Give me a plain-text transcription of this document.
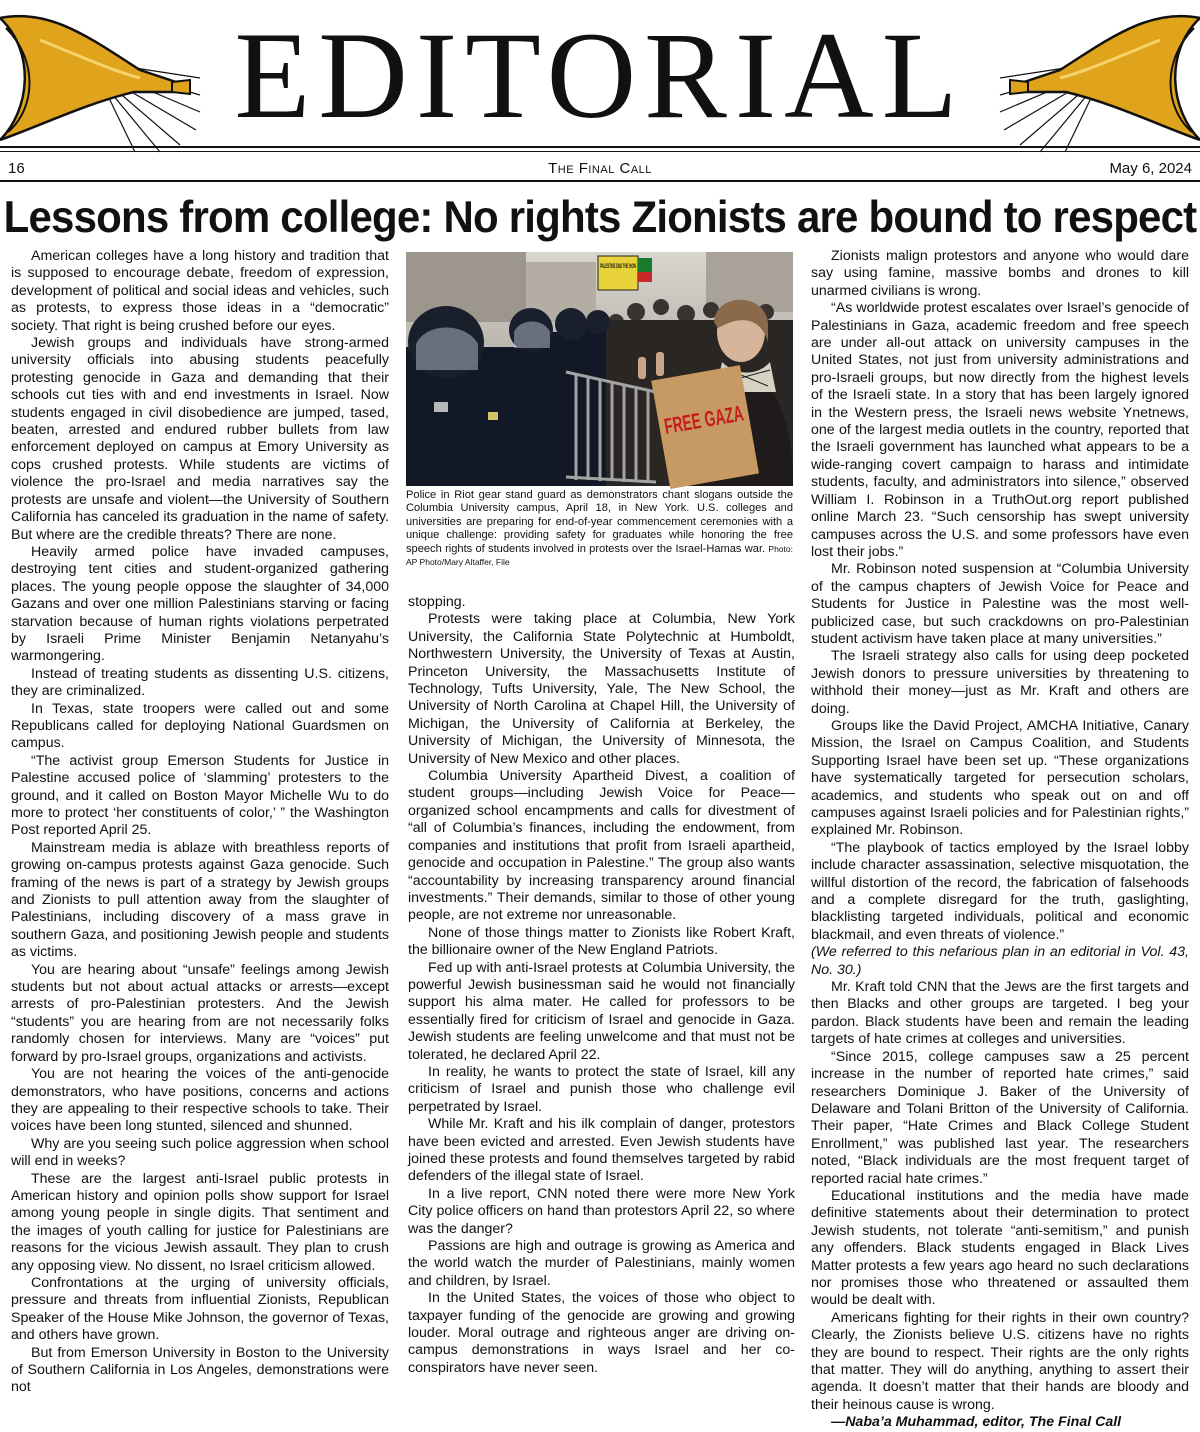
EDITORIAL
16	The Final Call	May 6, 2024
Lessons from college: No rights Zionists are bound to respect

American colleges have a long history and tradition that is supposed to encourage debate, freedom of expression, development of political and social ideas and vehicles, such as protests, to express those ideas in a “democratic” society. That right is being crushed before our eyes.

Jewish groups and individuals have strong-armed university officials into abusing students peacefully protesting genocide in Gaza and demanding that their schools cut ties with and end investments in Israel. Now students engaged in civil disobedience are jumped, tased, beaten, arrested and endured rubber bullets from law enforcement deployed on campus at Emory University as cops crushed protests. While students are victims of violence the pro-Israel and media narratives say the protests are unsafe and violent—the University of Southern California has canceled its graduation in the name of safety. But where are the credible threats? There are none.

Heavily armed police have invaded campuses, destroying tent cities and student-organized gathering places. The young people oppose the slaughter of 34,000 Gazans and over one million Palestinians starving or facing starvation because of human rights violations perpetrated by Israeli Prime Minister Benjamin Netanyahu’s warmongering.

Instead of treating students as dissenting U.S. citizens, they are criminalized.

In Texas, state troopers were called out and some Republicans called for deploying National Guardsmen on campus.

“The activist group Emerson Students for Justice in Palestine accused police of ‘slamming’ protesters to the ground, and it called on Boston Mayor Michelle Wu to do more to protect ‘her constituents of color,’ ” the Washington Post reported April 25.

Mainstream media is ablaze with breathless reports of growing on-campus protests against Gaza genocide. Such framing of the news is part of a strategy by Jewish groups and Zionists to pull attention away from the slaughter of Palestinians, including discovery of a mass grave in southern Gaza, and positioning Jewish people and students as victims.

You are hearing about “unsafe” feelings among Jewish students but not about actual attacks or arrests—except arrests of pro-Palestinian protesters. And the Jewish “students” you are hearing from are not necessarily folks randomly chosen for interviews. Many are “voices” put forward by pro-Israel groups, organizations and activists.

You are not hearing the voices of the anti-genocide demonstrators, who have positions, concerns and actions they are appealing to their respective schools to take. Their voices have been long stunted, silenced and shunned.

Why are you seeing such police aggression when school will end in weeks?

These are the largest anti-Israel public protests in American history and opinion polls show support for Israel among young people in single digits. That sentiment and the images of youth calling for justice for Palestinians are reasons for the vicious Jewish assault. They plan to crush any opposing view. No dissent, no Israel criticism allowed.

Confrontations at the urging of university officials, pressure and threats from influential Zionists, Republican Speaker of the House Mike Johnson, the governor of Texas, and others have grown.

But from Emerson University in Boston to the University of Southern California in Los Angeles, demonstrations were not

PALESTINE END THE NOW
FREE GAZA
Police in Riot gear stand guard as demonstrators chant slogans outside the Columbia University campus, April 18, in New York. U.S. colleges and universities are preparing for end-of-year commencement ceremonies with a unique challenge: providing safety for graduates while honoring the free speech rights of students involved in protests over the Israel-Hamas war. Photo: AP Photo/Mary Altaffer, File

stopping.

Protests were taking place at Columbia, New York University, the California State Polytechnic at Humboldt, Northwestern University, the University of Texas at Austin, Princeton University, the Massachusetts Institute of Technology, Tufts University, Yale, The New School, the University of North Carolina at Chapel Hill, the University of Michigan, the University of California at Berkeley, the University of Michigan, the University of Minnesota, the University of New Mexico and other places.

Columbia University Apartheid Divest, a coalition of student groups—including Jewish Voice for Peace—organized school encampments and calls for divestment of “all of Columbia’s finances, including the endowment, from companies and institutions that profit from Israeli apartheid, genocide and occupation in Palestine.” The group also wants “accountability by increasing transparency around financial investments.” Their demands, similar to those of other young people, are not extreme nor unreasonable.

None of those things matter to Zionists like Robert Kraft, the billionaire owner of the New England Patriots.

Fed up with anti-Israel protests at Columbia University, the powerful Jewish businessman said he would not financially support his alma mater. He called for professors to be essentially fired for criticism of Israel and genocide in Gaza. Jewish students are feeling unwelcome and that must not be tolerated, he declared April 22.

In reality, he wants to protect the state of Israel, kill any criticism of Israel and punish those who challenge evil perpetrated by Israel.

While Mr. Kraft and his ilk complain of danger, protestors have been evicted and arrested. Even Jewish students have joined these protests and found themselves targeted by rabid defenders of the illegal state of Israel.

In a live report, CNN noted there were more New York City police officers on hand than protestors April 22, so where was the danger?

Passions are high and outrage is growing as America and the world watch the murder of Palestinians, mainly women and children, by Israel.

In the United States, the voices of those who object to taxpayer funding of the genocide are growing and growing louder. Moral outrage and righteous anger are driving on-campus demonstrations in ways Israel and her co-conspirators have never seen.

Zionists malign protestors and anyone who would dare say using famine, massive bombs and drones to kill unarmed civilians is wrong.

“As worldwide protest escalates over Israel’s genocide of Palestinians in Gaza, academic freedom and free speech are under all-out attack on university campuses in the United States, not just from university administrations and pro-Israeli groups, but now directly from the highest levels of the Israeli state. In a story that has been largely ignored in the Western press, the Israeli news website Ynetnews, one of the largest media outlets in the country, reported that the Israeli government has launched what appears to be a wide-ranging covert campaign to harass and intimidate students, faculty, and administrators into silence,” observed William I. Robinson in a TruthOut.org report published online March 23. “Such censorship has swept university campuses across the U.S. and some professors have even lost their jobs.”

Mr. Robinson noted suspension at “Columbia University of the campus chapters of Jewish Voice for Peace and Students for Justice in Palestine was the most well-publicized case, but such crackdowns on pro-Palestinian student activism have taken place at many universities.”

The Israeli strategy also calls for using deep pocketed Jewish donors to pressure universities by threatening to withhold their money—just as Mr. Kraft and others are doing.

Groups like the David Project, AMCHA Initiative, Canary Mission, the Israel on Campus Coalition, and Students Supporting Israel have been set up. “These organizations have systematically targeted for persecution scholars, academics, and students who speak out on and off campuses against Israeli policies and for Palestinian rights,” explained Mr. Robinson.

“The playbook of tactics employed by the Israel lobby include character assassination, selective misquotation, the willful distortion of the record, the fabrication of falsehoods and a complete disregard for the truth, gaslighting, blacklisting targeted individuals, political and economic blackmail, and even threats of violence.”

(We referred to this nefarious plan in an editorial in Vol. 43, No. 30.)

Mr. Kraft told CNN that the Jews are the first targets and then Blacks and other groups are targeted. I beg your pardon. Black students have been and remain the leading targets of hate crimes at colleges and universities.

“Since 2015, college campuses saw a 25 percent increase in the number of reported hate crimes,” said researchers Dominique J. Baker of the University of Delaware and Tolani Britton of the University of California. Their paper, “Hate Crimes and Black College Student Enrollment,” was published last year. The researchers noted, “Black individuals are the most frequent target of reported racial hate crimes.”

Educational institutions and the media have made definitive statements about their determination to protect Jewish students, not tolerate “anti-semitism,” and punish any offenders. Black students engaged in Black Lives Matter protests a few years ago heard no such declarations nor promises those who threatened or assaulted them would be dealt with.

Americans fighting for their rights in their own country? Clearly, the Zionists believe U.S. citizens have no rights they are bound to respect. Their rights are the only rights that matter. They will do anything, anything to assert their agenda. It doesn’t matter that their hands are bloody and their heinous cause is wrong.

—Naba’a Muhammad, editor, The Final Call
